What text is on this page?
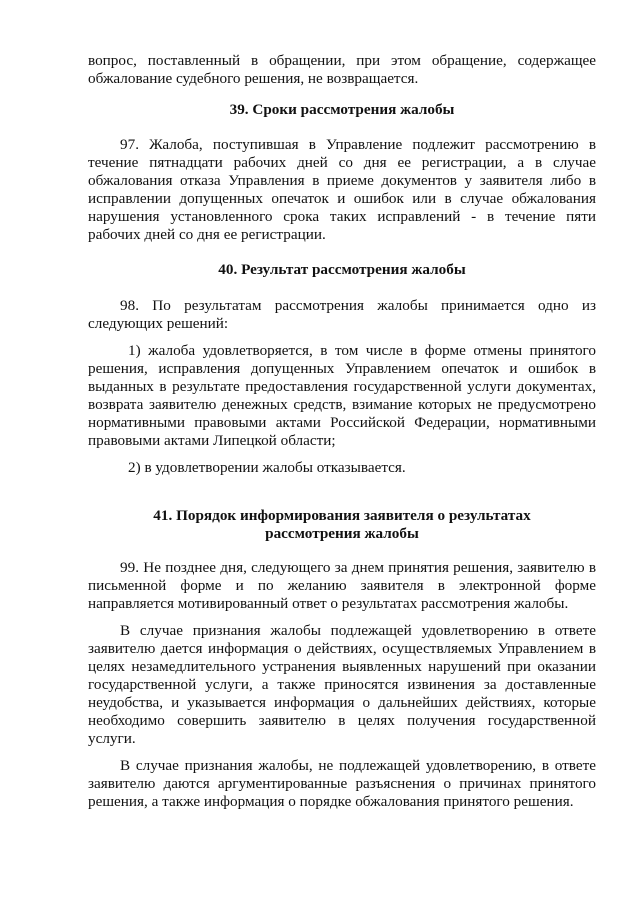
вопрос, поставленный в обращении, при этом обращение, содержащее обжалование судебного решения, не возвращается.

39. Сроки рассмотрения жалобы

97. Жалоба, поступившая в Управление подлежит рассмотрению в течение пятнадцати рабочих дней со дня ее регистрации, а в случае обжалования отказа Управления в приеме документов у заявителя либо в исправлении допущенных опечаток и ошибок или в случае обжалования нарушения установленного срока таких исправлений - в течение пяти рабочих дней со дня ее регистрации.

40. Результат рассмотрения жалобы

98. По результатам рассмотрения жалобы принимается одно из следующих решений:

1) жалоба удовлетворяется, в том числе в форме отмены принятого решения, исправления допущенных Управлением опечаток и ошибок в выданных в результате предоставления государственной услуги документах, возврата заявителю денежных средств, взимание которых не предусмотрено нормативными правовыми актами Российской Федерации, нормативными правовыми актами Липецкой области;

2) в удовлетворении жалобы отказывается.

41. Порядок информирования заявителя о результатах
рассмотрения жалобы

99. Не позднее дня, следующего за днем принятия решения, заявителю в письменной форме и по желанию заявителя в электронной форме направляется мотивированный ответ о результатах рассмотрения жалобы.

В случае признания жалобы подлежащей удовлетворению в ответе заявителю дается информация о действиях, осуществляемых Управлением в целях незамедлительного устранения выявленных нарушений при оказании государственной услуги, а также приносятся извинения за доставленные неудобства, и указывается информация о дальнейших действиях, которые необходимо совершить заявителю в целях получения государственной услуги.

В случае признания жалобы, не подлежащей удовлетворению, в ответе заявителю даются аргументированные разъяснения о причинах принятого решения, а также информация о порядке обжалования принятого решения.
